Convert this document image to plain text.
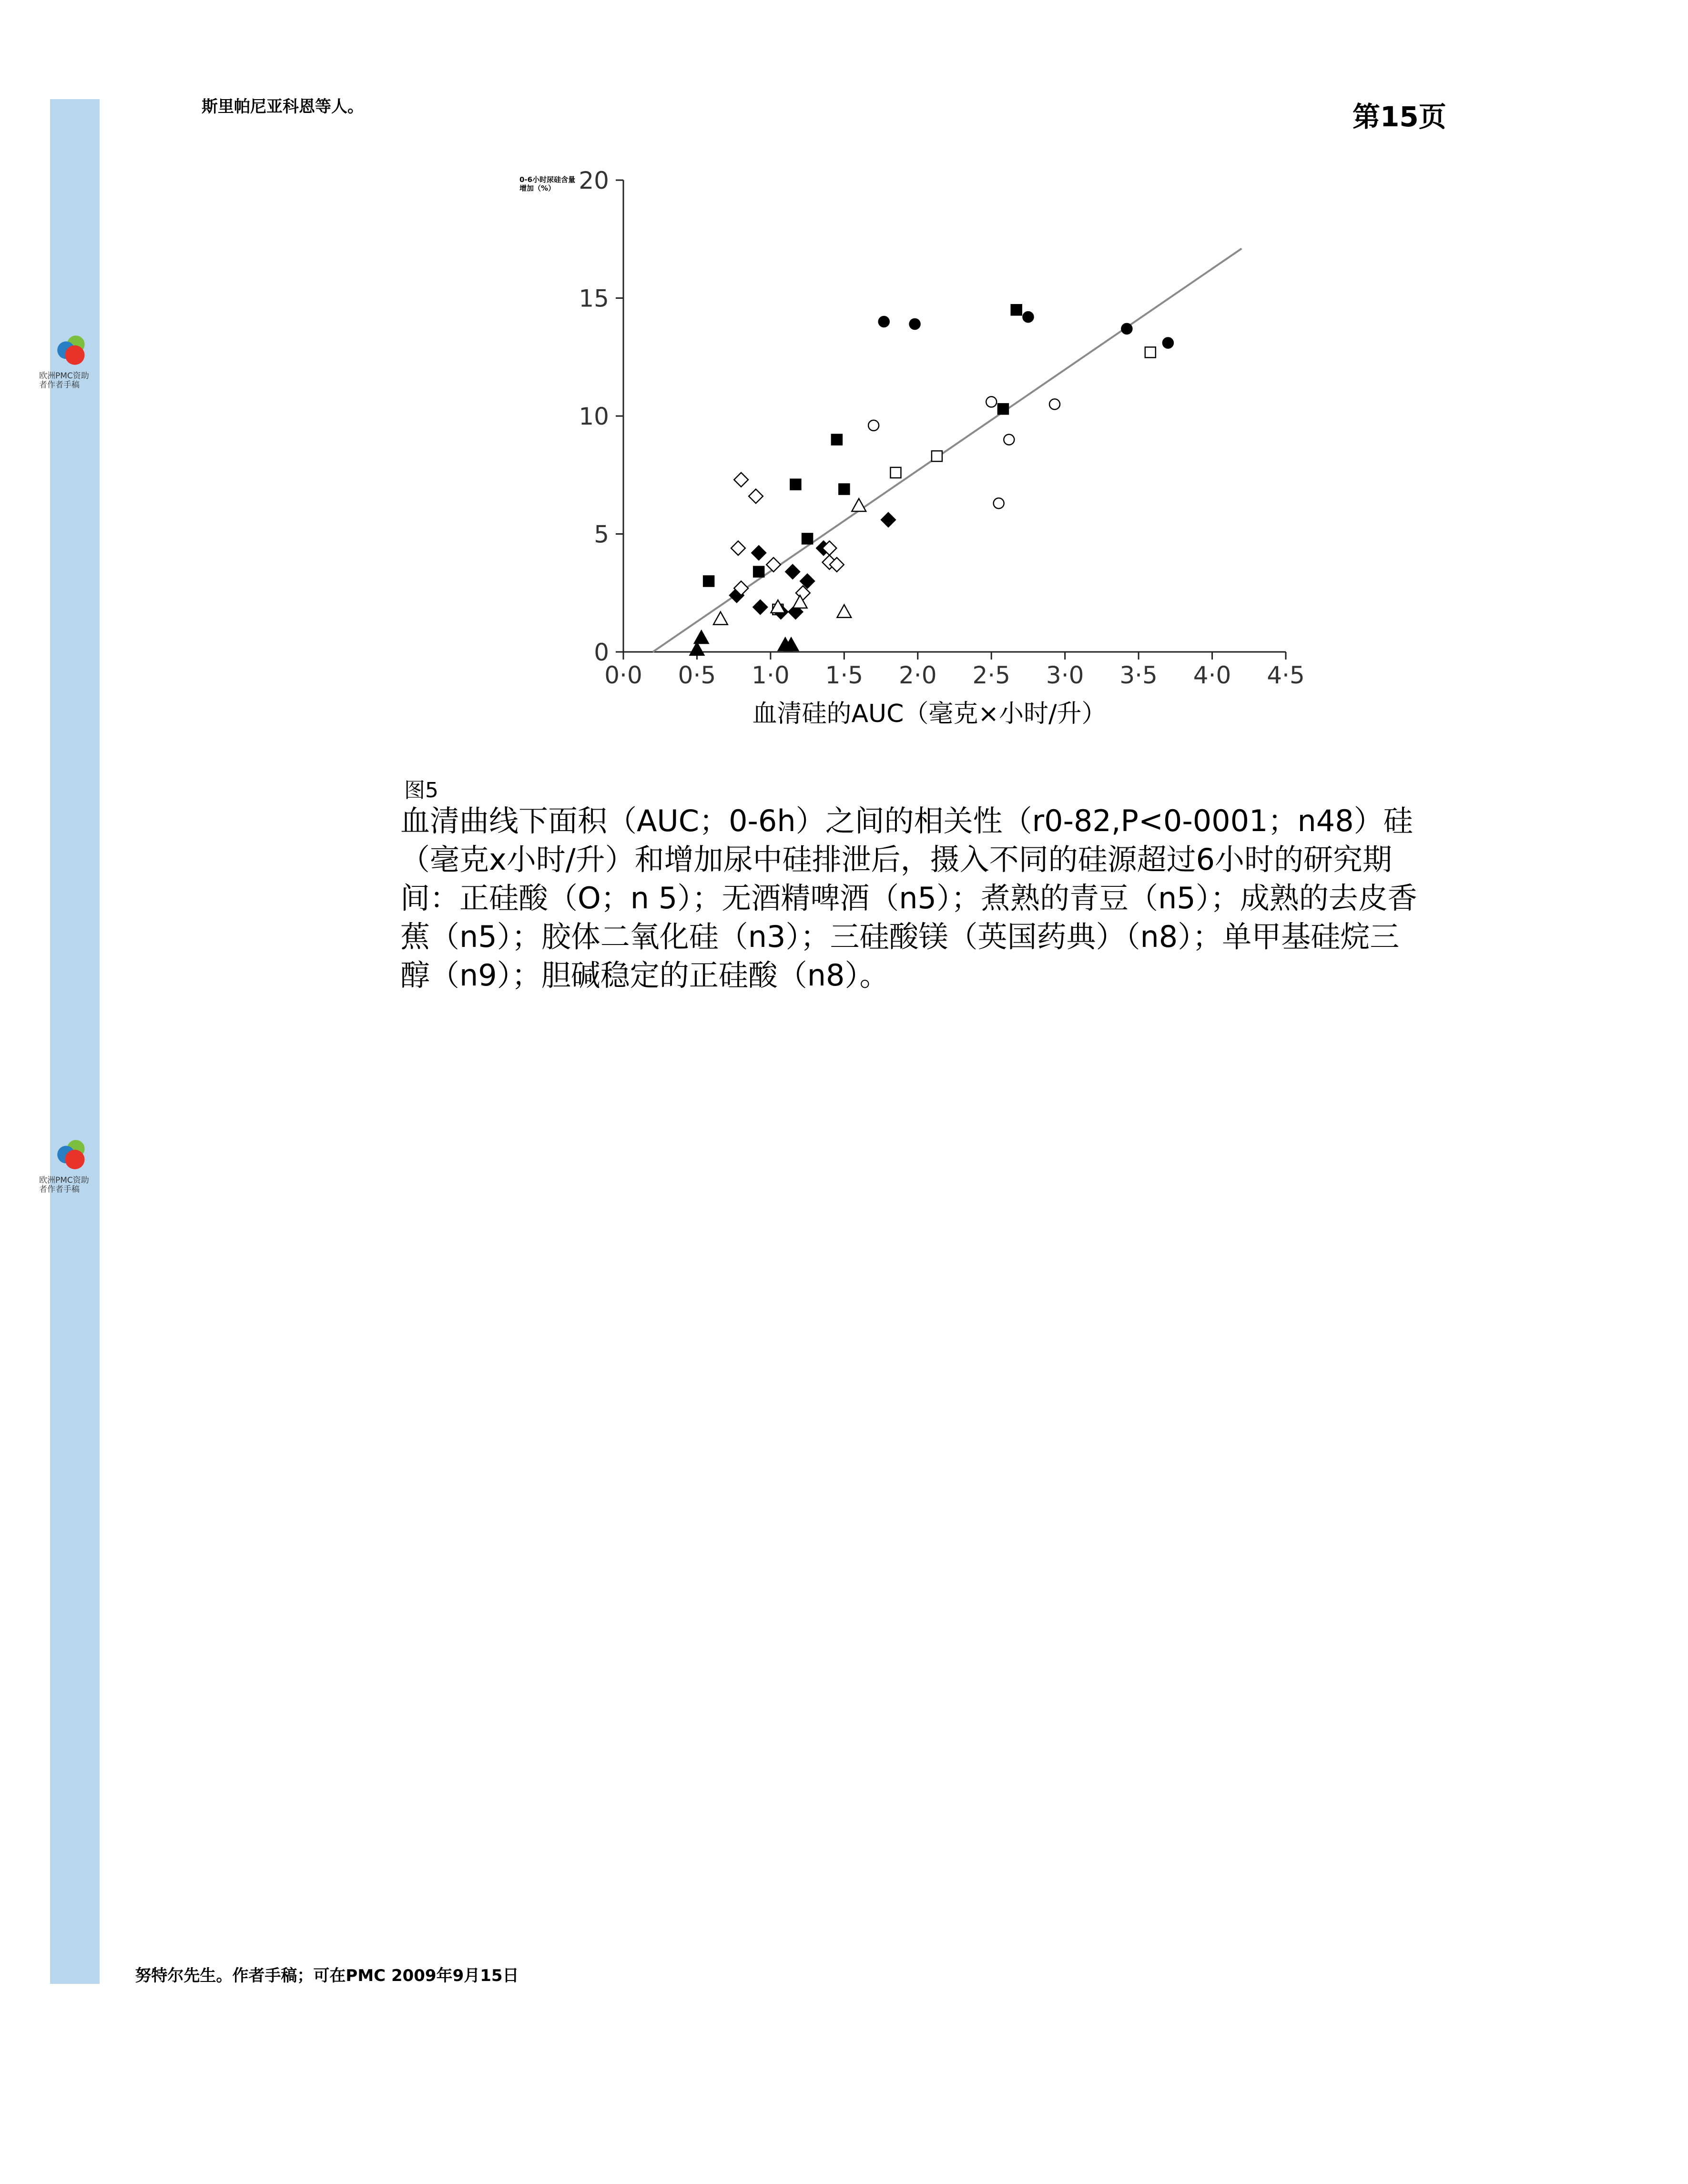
欧洲PMC资助者作者手稿
欧洲PMC资助者作者手稿
斯里帕尼亚科恩等人。	第15页
0·0 0·5 1·0 1·5 2·0 2·5 3·0 3·5 4·0 4·5
0
5
10
15
20
血清硅的AUC（毫克×小时/升）
0-6小时尿硅含量增加（%）
图5
血清曲线下面积（AUC；0-6h）之间的相关性（r0-82,P<0-0001；n48）硅（毫克x小时/升）和增加尿中硅排泄后，摄入不同的硅源超过6小时的研究期间：正硅酸（O；n 5）；无酒精啤酒（n5）；煮熟的青豆（n5）；成熟的去皮香蕉（n5）；胶体二氧化硅（n3）；三硅酸镁（英国药典）（n8）；单甲基硅烷三醇（n9）；胆碱稳定的正硅酸（n8）。
努特尔先生。作者手稿；可在PMC 2009年9月15日
